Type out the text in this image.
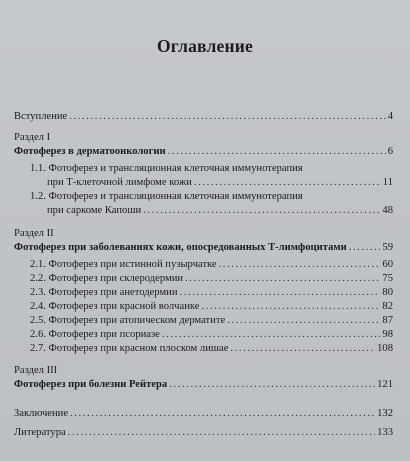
Оглавление
Вступление .....	4
Раздел I
Фотоферез в дерматоонкологии .....	6
1.1. Фотоферез и трансляционная клеточная иммунотерапия
при Т-клеточной лимфоме кожи .....	11
1.2. Фотоферез и трансляционная клеточная иммунотерапия
при саркоме Капоши .....	48
Раздел II
Фотоферез при заболеваниях кожи, опосредованных Т-лимфоцитами .....	59
2.1. Фотоферез при истинной пузырчатке .....	60
2.2. Фотоферез при склеродермии .....	75
2.3. Фотоферез при анетодермии .....	80
2.4. Фотоферез при красной волчанке .....	82
2.5. Фотоферез при атопическом дерматите .....	87
2.6. Фотоферез при псориазе .....	98
2.7. Фотоферез при красном плоском лишае .....	108
Раздел III
Фотоферез при болезни Рейтера .....	121
Заключение .....	132
Литература .....	133
